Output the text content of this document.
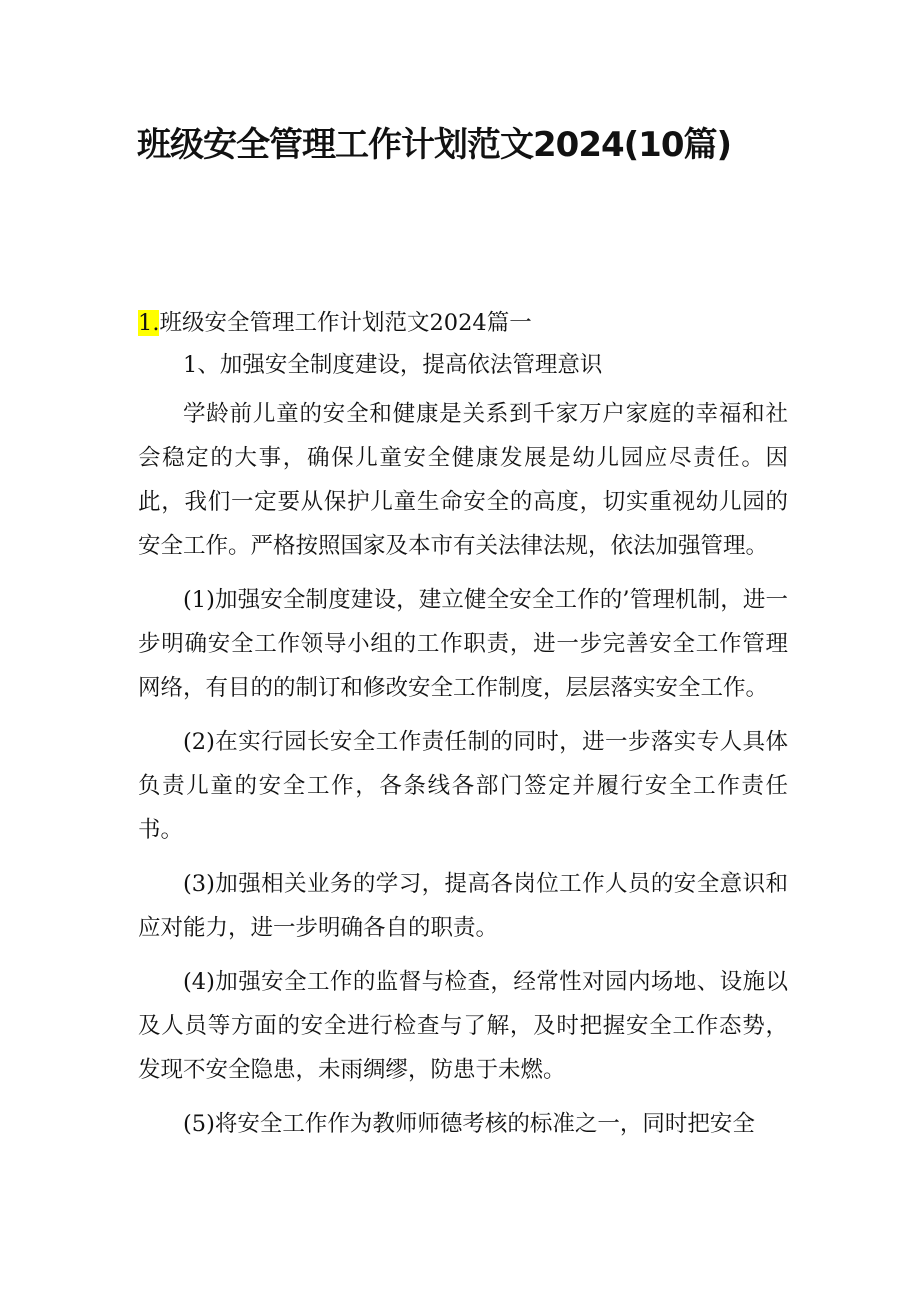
班级安全管理工作计划范文2024(10篇)

1.班级安全管理工作计划范文2024篇一

1、加强安全制度建设，提高依法管理意识

学龄前儿童的安全和健康是关系到千家万户家庭的幸福和社会稳定的大事，确保儿童安全健康发展是幼儿园应尽责任。因此，我们一定要从保护儿童生命安全的高度，切实重视幼儿园的安全工作。严格按照国家及本市有关法律法规，依法加强管理。

(1)加强安全制度建设，建立健全安全工作的’管理机制，进一步明确安全工作领导小组的工作职责，进一步完善安全工作管理网络，有目的的制订和修改安全工作制度，层层落实安全工作。

(2)在实行园长安全工作责任制的同时，进一步落实专人具体负责儿童的安全工作，各条线各部门签定并履行安全工作责任书。

(3)加强相关业务的学习，提高各岗位工作人员的安全意识和应对能力，进一步明确各自的职责。

(4)加强安全工作的监督与检查，经常性对园内场地、设施以及人员等方面的安全进行检查与了解，及时把握安全工作态势，发现不安全隐患，未雨绸缪，防患于未燃。

(5)将安全工作作为教师师德考核的标准之一，同时把安全
